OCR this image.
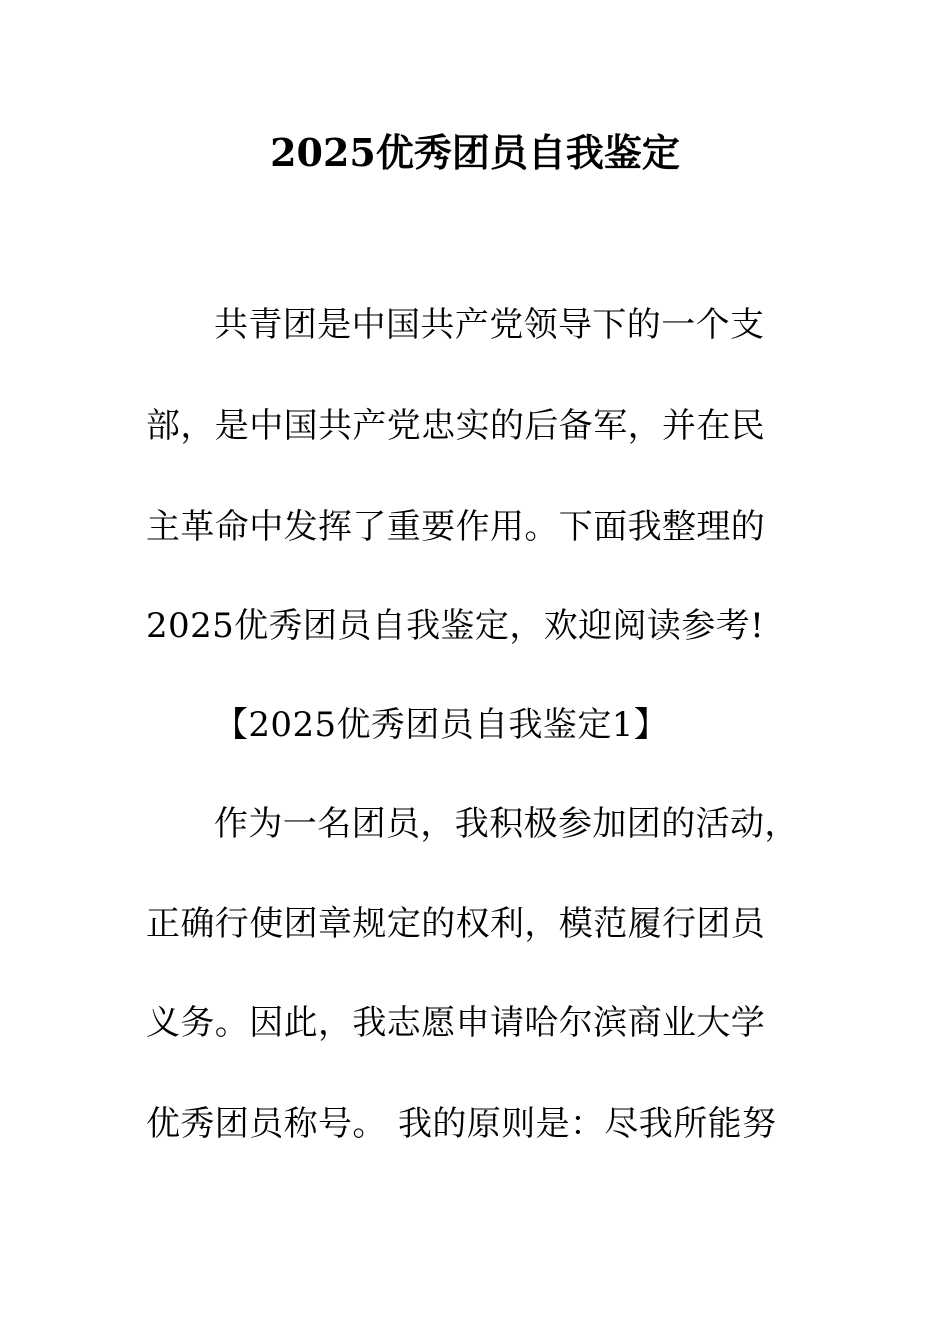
2025优秀团员自我鉴定
共青团是中国共产党领导下的一个支
部，是中国共产党忠实的后备军，并在民
主革命中发挥了重要作用。下面我整理的
2025优秀团员自我鉴定，欢迎阅读参考!
【2025优秀团员自我鉴定1】
作为一名团员，我积极参加团的活动，
正确行使团章规定的权利，模范履行团员
义务。因此，我志愿申请哈尔滨商业大学
优秀团员称号。 我的原则是：尽我所能努
